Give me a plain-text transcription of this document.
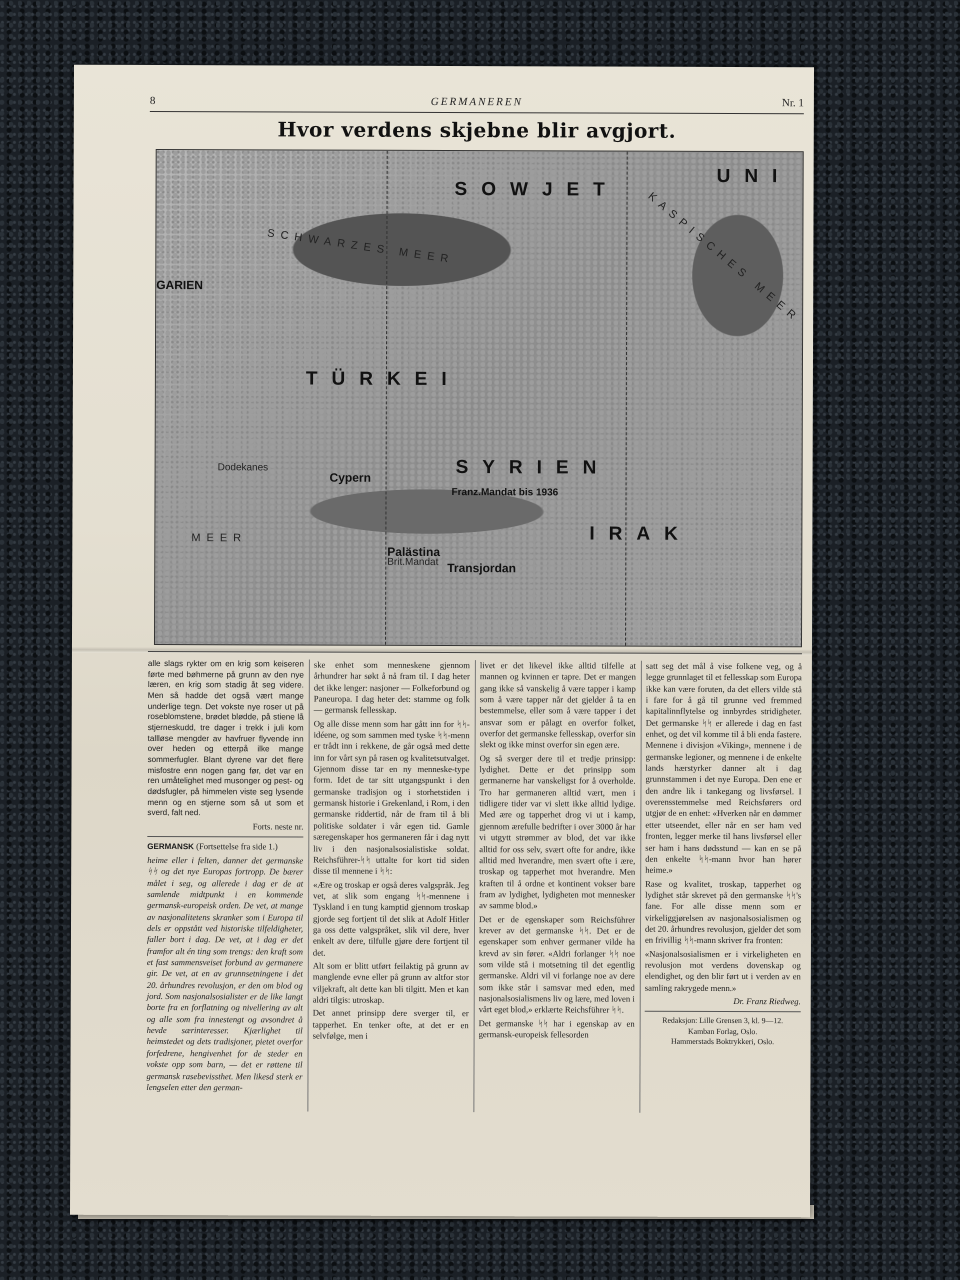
8	GERMANEREN	Nr. 1
Hvor verdens skjebne blir avgjort.
SOWJET
UNI
KASPISCHES MEER
SCHWARZES MEER
GARIEN
TÜRKEI
SYRIEN
Franz.Mandat bis 1936
Cypern
Dodekanes
IRAK
Palästina
Brit.Mandat Transjordan
MEER

alle slags rykter om en krig som keiseren førte med bøhmerne på grunn av den nye læren, en krig som stadig åt seg videre. Men så hadde det også vært mange underlige tegn. Det vokste nye roser ut på roseblomstene, brødet blødde, på stiene lå stjerneskudd, tre dager i trekk i juli kom tallløse mengder av havfruer flyvende inn over heden og etterpå ilke mange sommerfugler. Blant dyrene var det flere misfostre enn nogen gang før, det var en ren umåtelighet med musonger og pest- og dødsfugler, på himmelen viste seg lysende menn og en stjerne som så ut som et sverd, falt ned.

Forts. neste nr.

GERMANSK (Fortsettelse fra side 1.)

heime eller i felten, danner det germanske ᛋᛋ og det nye Europas fortropp. De bærer målet i seg, og allerede i dag er de at samlende midtpunkt i en kommende germansk-europeisk orden. De vet, at mange av nasjonalitetens skranker som i Europa til dels er oppstått ved historiske tilfeldigheter, faller bort i dag. De vet, at i dag er det framfor alt én ting som trengs: den kraft som et fast sammensveiset forbund av germanere gir. De vet, at en av grunnsetningene i det 20. århundres revolusjon, er den om blod og jord. Som nasjonalsosialister er de like langt borte fra en forflatning og nivellering av alt og alle som fra innestengt og avsondret å hevde særinteresser. Kjærlighet til heimstedet og dets tradisjoner, pietet overfor forfedrene, hengivenhet for de steder en vokste opp som barn, — det er røttene til germansk rasebevissthet. Men likesd sterk er lengselen etter den german-

ske enhet som menneskene gjennom århundrer har søkt å nå fram til. I dag heter det ikke lenger: nasjoner — Folkeforbund og Paneuropa. I dag heter det: stamme og folk — germansk fellesskap.

Og alle disse menn som har gått inn for ᛋᛋ-idéene, og som sammen med tyske ᛋᛋ-menn er trådt inn i rekkene, de går også med dette inn for vårt syn på rasen og kvalitetsutvalget. Gjennom disse tar en ny menneske-type form. Idet de tar sitt utgangspunkt i den germanske tradisjon og i storhetstiden i germansk historie i Grekenland, i Rom, i den germanske riddertid, når de fram til å bli politiske soldater i vår egen tid. Gamle særegenskaper hos germaneren får i dag nytt liv i den nasjonalsosialistiske soldat. Reichsführer-ᛋᛋ uttalte for kort tid siden disse til mennene i ᛋᛋ:

«Ære og troskap er også deres valgspråk. Jeg vet, at slik som engang ᛋᛋ-mennene i Tyskland i en tung kamptid gjennom troskap gjorde seg fortjent til det slik at Adolf Hitler ga oss dette valgspråket, slik vil dere, hver enkelt av dere, tilfulle gjøre dere fortjent til det.

Alt som er blitt utført feilaktig på grunn av manglende evne eller på grunn av altfor stor viljekraft, alt dette kan bli tilgitt. Men et kan aldri tilgis: utroskap.

Det annet prinsipp dere sverger til, er tapperhet. En tenker ofte, at det er en selvfølge, men i

livet er det likevel ikke alltid tilfelle at mannen og kvinnen er tapre. Det er mangen gang ikke så vanskelig å være tapper i kamp som å være tapper når det gjelder å ta en bestemmelse, eller som å være tapper i det ansvar som er pålagt en overfor folket, overfor det germanske fellesskap, overfor sin slekt og ikke minst overfor sin egen ære.

Og så sverger dere til et tredje prinsipp: lydighet. Dette er det prinsipp som germanerne har vanskeligst for å overholde. Tro har germaneren alltid vært, men i tidligere tider var vi slett ikke alltid lydige. Med ære og tapperhet drog vi ut i kamp, gjennom ærefulle bedrifter i over 3000 år har vi utgytt strømmer av blod, det var ikke alltid for oss selv, svært ofte for andre, ikke alltid med hverandre, men svært ofte i ære, troskap og tapperhet mot hverandre. Men kraften til å ordne et kontinent vokser bare fram av lydighet, lydigheten mot mennesker av samme blod.»

Det er de egenskaper som Reichsführer krever av det germanske ᛋᛋ. Det er de egenskaper som enhver germaner vilde ha krevd av sin fører. «Aldri forlanger ᛋᛋ noe som vilde stå i motsetning til det egentlig germanske. Aldri vil vi forlange noe av dere som ikke står i samsvar med eden, med nasjonalsosialismens liv og lære, med loven i vårt eget blod,» erklærte Reichsführer ᛋᛋ.

Det germanske ᛋᛋ har i egenskap av en germansk-europeisk fellesorden

satt seg det mål å vise folkene veg, og å legge grunnlaget til et fellesskap som Europa ikke kan være foruten, da det ellers vilde stå i fare for å gå til grunne ved fremmed kapitalinnflytelse og innbyrdes stridigheter. Det germanske ᛋᛋ er allerede i dag en fast enhet, og det vil komme til å bli enda fastere. Mennene i divisjon «Viking», mennene i de germanske legioner, og mennene i de enkelte lands hærstyrker danner alt i dag grunnstammen i det nye Europa. Den ene er den andre lik i tankegang og livsførsel. I overensstemmelse med Reichsførers ord utgjør de en enhet: «Hverken når en dømmer etter utseendet, eller når en ser ham ved fronten, legger merke til hans livsførsel eller ser ham i hans dødsstund — kan en se på den enkelte ᛋᛋ-mann hvor han hører heime.»

Rase og kvalitet, troskap, tapperhet og lydighet står skrevet på den germanske ᛋᛋ's fane. For alle disse menn som er virkeliggjørelsen av nasjonalsosialismen og det 20. århundres revolusjon, gjelder det som en frivillig ᛋᛋ-mann skriver fra fronten:

«Nasjonalsosialismen er i virkeligheten en revolusjon mot verdens dovenskap og elendighet, og den blir ført ut i verden av en samling rakrygede menn.»

Dr. Franz Riedweg.

Redaksjon: Lille Grensen 3, kl. 9—12.
Kamban Forlag, Oslo.
Hammerstads Boktrykkeri, Oslo.
